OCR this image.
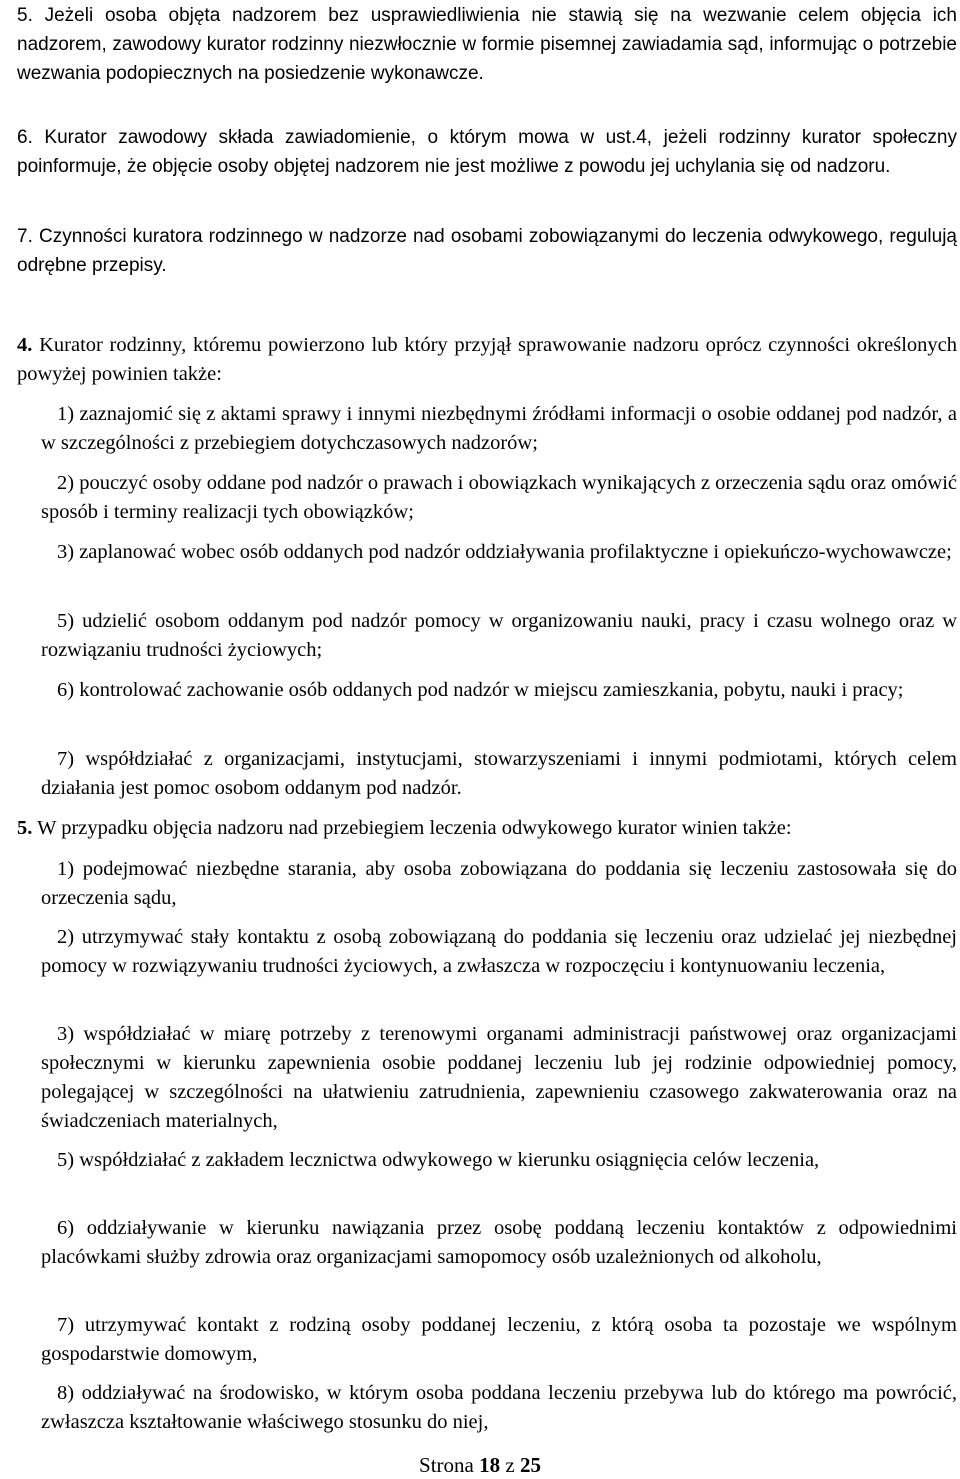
5. Jeżeli osoba objęta nadzorem bez usprawiedliwienia nie stawią się na wezwanie celem objęcia ich nadzorem, zawodowy kurator rodzinny niezwłocznie w formie pisemnej zawiadamia sąd, informując o potrzebie wezwania podopiecznych na posiedzenie wykonawcze.

6. Kurator zawodowy składa zawiadomienie, o którym mowa w ust.4, jeżeli rodzinny kurator społeczny poinformuje, że objęcie osoby objętej nadzorem nie jest możliwe z powodu jej uchylania się od nadzoru.

7. Czynności kuratora rodzinnego w nadzorze nad osobami zobowiązanymi do leczenia odwykowego, regulują odrębne przepisy.

4. Kurator rodzinny, któremu powierzono lub który przyjął sprawowanie nadzoru oprócz czynności określonych powyżej powinien także:

1) zaznajomić się z aktami sprawy i innymi niezbędnymi źródłami informacji o osobie oddanej pod nadzór, a w szczególności z przebiegiem dotychczasowych nadzorów;

2) pouczyć osoby oddane pod nadzór o prawach i obowiązkach wynikających z orzeczenia sądu oraz omówić sposób i terminy realizacji tych obowiązków;

3) zaplanować wobec osób oddanych pod nadzór oddziaływania profilaktyczne i opiekuńczo-wychowawcze;

5) udzielić osobom oddanym pod nadzór pomocy w organizowaniu nauki, pracy i czasu wolnego oraz w rozwiązaniu trudności życiowych;

6) kontrolować zachowanie osób oddanych pod nadzór w miejscu zamieszkania, pobytu, nauki i pracy;

7) współdziałać z organizacjami, instytucjami, stowarzyszeniami i innymi podmiotami, których celem działania jest pomoc osobom oddanym pod nadzór.

5. W przypadku objęcia nadzoru nad przebiegiem leczenia odwykowego kurator winien także:

1) podejmować niezbędne starania, aby osoba zobowiązana do poddania się leczeniu zastosowała się do orzeczenia sądu,

2) utrzymywać stały kontaktu z osobą zobowiązaną do poddania się leczeniu oraz udzielać jej niezbędnej pomocy w rozwiązywaniu trudności życiowych, a zwłaszcza w rozpoczęciu i kontynuowaniu leczenia,

3) współdziałać w miarę potrzeby z terenowymi organami administracji państwowej oraz organizacjami społecznymi w kierunku zapewnienia osobie poddanej leczeniu lub jej rodzinie odpowiedniej pomocy, polegającej w szczególności na ułatwieniu zatrudnienia, zapewnieniu czasowego zakwaterowania oraz na świadczeniach materialnych,

5) współdziałać z zakładem lecznictwa odwykowego w kierunku osiągnięcia celów leczenia,

6) oddziaływanie w kierunku nawiązania przez osobę poddaną leczeniu kontaktów z odpowiednimi placówkami służby zdrowia oraz organizacjami samopomocy osób uzależnionych od alkoholu,

7) utrzymywać kontakt z rodziną osoby poddanej leczeniu, z którą osoba ta pozostaje we wspólnym gospodarstwie domowym,

8) oddziaływać na środowisko, w którym osoba poddana leczeniu przebywa lub do którego ma powrócić, zwłaszcza kształtowanie właściwego stosunku do niej,

Strona 18 z 25
